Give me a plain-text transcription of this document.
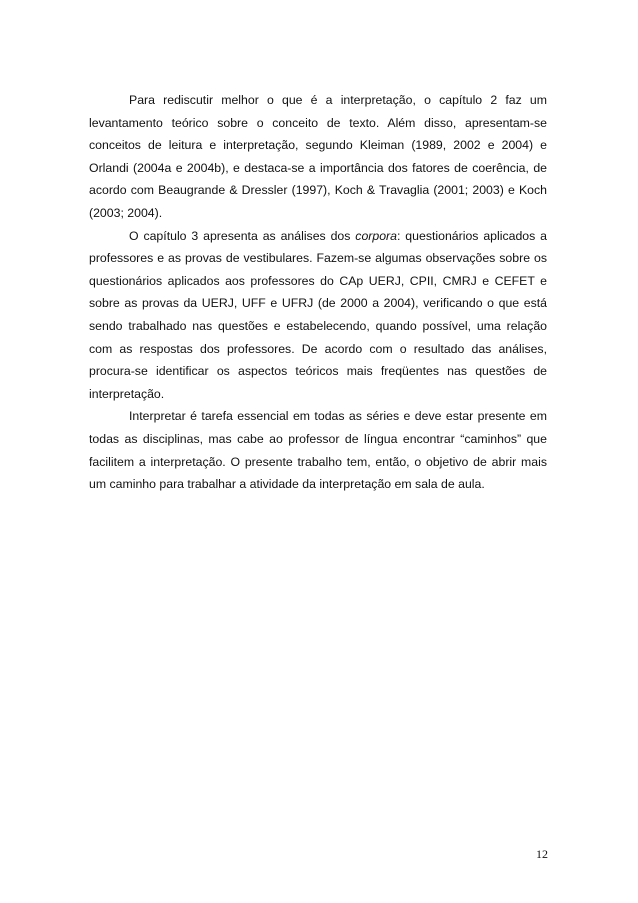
Para rediscutir melhor o que é a interpretação, o capítulo 2 faz um levantamento teórico sobre o conceito de texto. Além disso, apresentam-se conceitos de leitura e interpretação, segundo Kleiman (1989, 2002 e 2004) e Orlandi (2004a e 2004b), e destaca-se a importância dos fatores de coerência, de acordo com Beaugrande & Dressler (1997), Koch & Travaglia (2001; 2003) e Koch (2003; 2004).

O capítulo 3 apresenta as análises dos corpora: questionários aplicados a professores e as provas de vestibulares. Fazem-se algumas observações sobre os questionários aplicados aos professores do CAp UERJ, CPII, CMRJ e CEFET e sobre as provas da UERJ, UFF e UFRJ (de 2000 a 2004), verificando o que está sendo trabalhado nas questões e estabelecendo, quando possível, uma relação com as respostas dos professores. De acordo com o resultado das análises, procura-se identificar os aspectos teóricos mais freqüentes nas questões de interpretação.

Interpretar é tarefa essencial em todas as séries e deve estar presente em todas as disciplinas, mas cabe ao professor de língua encontrar “caminhos” que facilitem a interpretação. O presente trabalho tem, então, o objetivo de abrir mais um caminho para trabalhar a atividade da interpretação em sala de aula.

12
